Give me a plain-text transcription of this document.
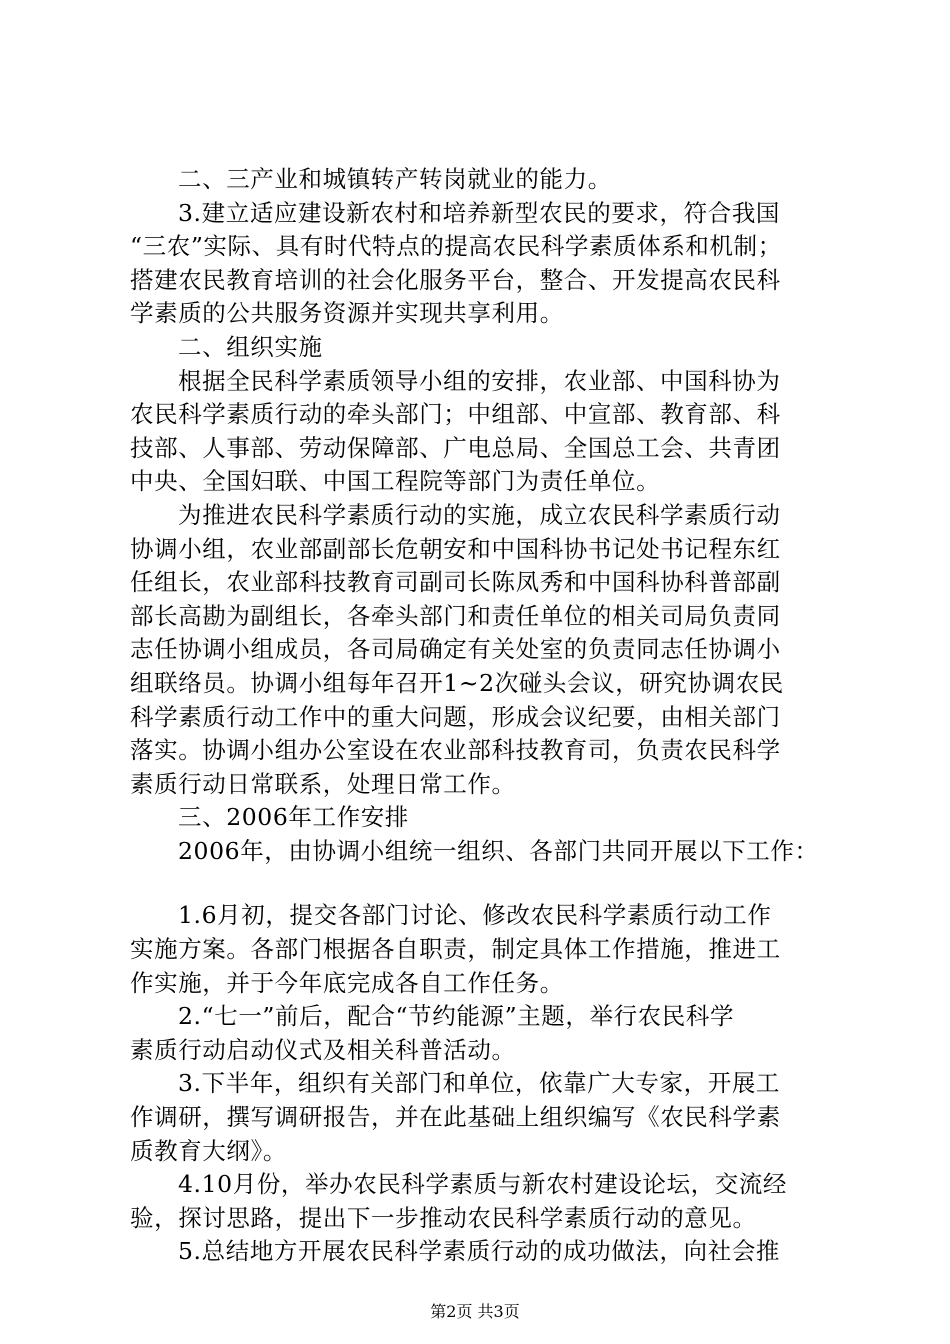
二、三产业和城镇转产转岗就业的能力。
3.建立适应建设新农村和培养新型农民的要求，符合我国
“三农”实际、具有时代特点的提高农民科学素质体系和机制；
搭建农民教育培训的社会化服务平台，整合、开发提高农民科
学素质的公共服务资源并实现共享利用。
二、组织实施
根据全民科学素质领导小组的安排，农业部、中国科协为
农民科学素质行动的牵头部门；中组部、中宣部、教育部、科
技部、人事部、劳动保障部、广电总局、全国总工会、共青团
中央、全国妇联、中国工程院等部门为责任单位。
为推进农民科学素质行动的实施，成立农民科学素质行动
协调小组，农业部副部长危朝安和中国科协书记处书记程东红
任组长，农业部科技教育司副司长陈凤秀和中国科协科普部副
部长高勘为副组长，各牵头部门和责任单位的相关司局负责同
志任协调小组成员，各司局确定有关处室的负责同志任协调小
组联络员。协调小组每年召开1~2次碰头会议，研究协调农民
科学素质行动工作中的重大问题，形成会议纪要，由相关部门
落实。协调小组办公室设在农业部科技教育司，负责农民科学
素质行动日常联系，处理日常工作。
三、2006年工作安排
2006年，由协调小组统一组织、各部门共同开展以下工作：
1.6月初，提交各部门讨论、修改农民科学素质行动工作
实施方案。各部门根据各自职责，制定具体工作措施，推进工
作实施，并于今年底完成各自工作任务。
2.“七一”前后，配合“节约能源”主题，举行农民科学
素质行动启动仪式及相关科普活动。
3.下半年，组织有关部门和单位，依靠广大专家，开展工
作调研，撰写调研报告，并在此基础上组织编写《农民科学素
质教育大纲》。
4.10月份，举办农民科学素质与新农村建设论坛，交流经
验，探讨思路，提出下一步推动农民科学素质行动的意见。
5.总结地方开展农民科学素质行动的成功做法，向社会推
第2页 共3页
